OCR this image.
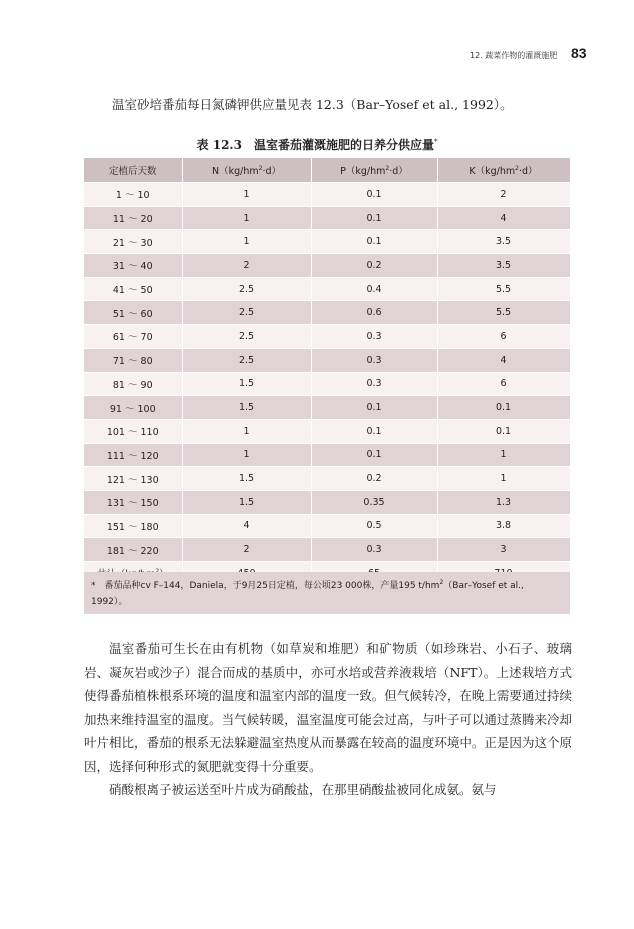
12. 蔬菜作物的灌溉施肥 83
温室砂培番茄每日氮磷钾供应量见表 12.3（Bar–Yosef et al., 1992）。
表 12.3　温室番茄灌溉施肥的日养分供应量*
定植后天数	$N(kg/hm^2\cdot d)$	$P(kg/hm^2\cdot d)$	$K(kg/hm^2\cdot d)$
1 ～ 10	1	0.1	2
11 ～ 20	1	0.1	4
21 ～ 30	1	0.1	3.5
31 ～ 40	2	0.2	3.5
41 ～ 50	2.5	0.4	5.5
51 ～ 60	2.5	0.6	5.5
61 ～ 70	2.5	0.3	6
71 ～ 80	2.5	0.3	4
81 ～ 90	1.5	0.3	6
91 ～ 100	1.5	0.1	0.1
101 ～ 110	1	0.1	0.1
111 ～ 120	1	0.1	1
121 ～ 130	1.5	0.2	1
131 ～ 150	1.5	0.35	1.3
151 ～ 180	4	0.5	3.8
181 ～ 220	2	0.3	3

*　番茄品种cv F–144，Daniela，于9月25日定植，每公顷23 000株，产量195 $t/hm^2(Bar$–Yosef et al., 1992）。

温室番茄可生长在由有机物（如草炭和堆肥）和矿物质（如珍珠岩、小石子、玻璃岩、凝灰岩或沙子）混合而成的基质中，亦可水培或营养液栽培（NFT）。上述栽培方式使得番茄植株根系环境的温度和温室内部的温度一致。但气候转冷，在晚上需要通过持续加热来维持温室的温度。当气候转暖，温室温度可能会过高，与叶子可以通过蒸腾来冷却叶片相比，番茄的根系无法躲避温室热度从而暴露在较高的温度环境中。正是因为这个原因，选择何种形式的氮肥就变得十分重要。

硝酸根离子被运送至叶片成为硝酸盐，在那里硝酸盐被同化成氨。氨与
